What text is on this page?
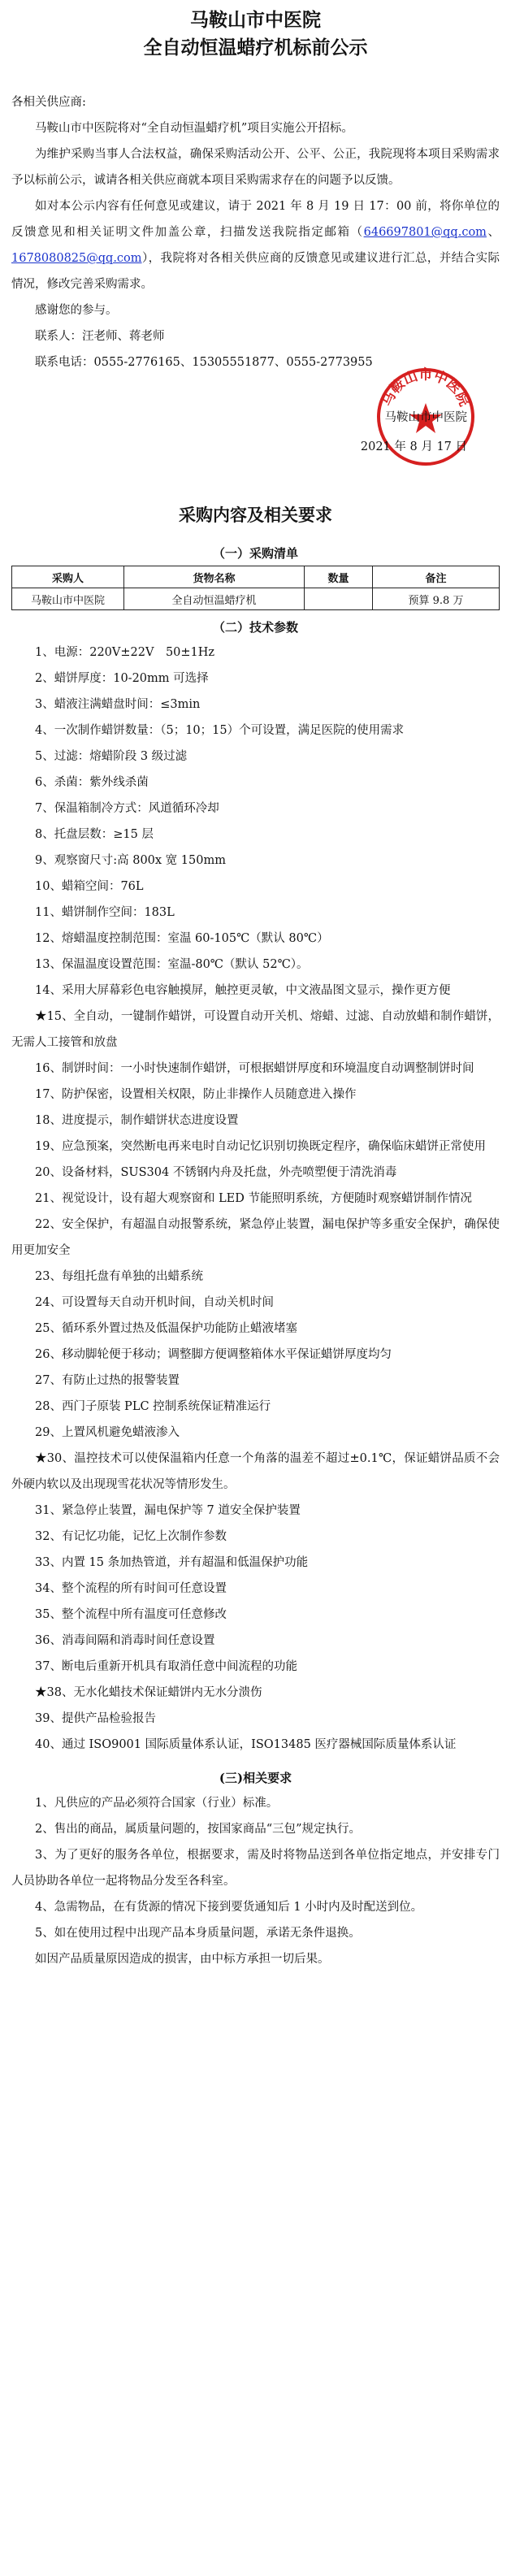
马鞍山市中医院
全自动恒温蜡疗机标前公示
各相关供应商:
马鞍山市中医院将对“全自动恒温蜡疗机”项目实施公开招标。
为维护采购当事人合法权益，确保采购活动公开、公平、公正，我院现将本项目采购需求予以标前公示，诚请各相关供应商就本项目采购需求存在的问题予以反馈。
如对本公示内容有任何意见或建议，请于 2021 年 8 月 19 日 17：00 前，将你单位的反馈意见和相关证明文件加盖公章，扫描发送我院指定邮箱（646697801@qq.com、1678080825@qq.com），我院将对各相关供应商的反馈意见或建议进行汇总，并结合实际情况，修改完善采购需求。
感谢您的参与。
联系人：汪老师、蒋老师
联系电话：0555-2776165、15305551877、0555-2773955
马鞍山市中医院
马鞍山市中医院
2021 年 8 月 17 日
采购内容及相关要求
（一）采购清单
采购人	货物名称	数量	备注
马鞍山市中医院	全自动恒温蜡疗机		预算 9.8 万
（二）技术参数
1、电源：220V±22V　50±1Hz
2、蜡饼厚度：10-20mm 可选择
3、蜡液注满蜡盘时间：≤3min
4、一次制作蜡饼数量：（5；10；15）个可设置，满足医院的使用需求
5、过滤：熔蜡阶段 3 级过滤
6、杀菌：紫外线杀菌
7、保温箱制冷方式：风道循环冷却
8、托盘层数：≥15 层
9、观察窗尺寸:高 800x 宽 150mm
10、蜡箱空间：76L
11、蜡饼制作空间：183L
12、熔蜡温度控制范围：室温 60-105℃（默认 80℃）
13、保温温度设置范围：室温-80℃（默认 52℃）。
14、采用大屏幕彩色电容触摸屏，触控更灵敏，中文液晶图文显示，操作更方便
★15、全自动，一键制作蜡饼，可设置自动开关机、熔蜡、过滤、自动放蜡和制作蜡饼，无需人工接管和放盘
16、制饼时间：一小时快速制作蜡饼，可根据蜡饼厚度和环境温度自动调整制饼时间
17、防护保密，设置相关权限，防止非操作人员随意进入操作
18、进度提示，制作蜡饼状态进度设置
19、应急预案，突然断电再来电时自动记忆识别切换既定程序，确保临床蜡饼正常使用
20、设备材料，SUS304 不锈钢内舟及托盘，外壳喷塑便于清洗消毒
21、视觉设计，设有超大观察窗和 LED 节能照明系统，方便随时观察蜡饼制作情况
22、安全保护，有超温自动报警系统，紧急停止装置，漏电保护等多重安全保护，确保使用更加安全
23、每组托盘有单独的出蜡系统
24、可设置每天自动开机时间，自动关机时间
25、循环系外置过热及低温保护功能防止蜡液堵塞
26、移动脚轮便于移动；调整脚方便调整箱体水平保证蜡饼厚度均匀
27、有防止过热的报警装置
28、西门子原装 PLC 控制系统保证精准运行
29、上置风机避免蜡液渗入
★30、温控技术可以使保温箱内任意一个角落的温差不超过±0.1℃，保证蜡饼品质不会外硬内软以及出现现雪花状况等情形发生。
31、紧急停止装置，漏电保护等 7 道安全保护装置
32、有记忆功能，记忆上次制作参数
33、内置 15 条加热管道，并有超温和低温保护功能
34、整个流程的所有时间可任意设置
35、整个流程中所有温度可任意修改
36、消毒间隔和消毒时间任意设置
37、断电后重新开机具有取消任意中间流程的功能
★38、无水化蜡技术保证蜡饼内无水分溃伤
39、提供产品检验报告
40、通过 ISO9001 国际质量体系认证，ISO13485 医疗器械国际质量体系认证
(三)相关要求
1、凡供应的产品必须符合国家（行业）标准。
2、售出的商品，属质量问题的，按国家商品“三包”规定执行。
3、为了更好的服务各单位，根据要求，需及时将物品送到各单位指定地点，并安排专门人员协助各单位一起将物品分发至各科室。
4、急需物品，在有货源的情况下接到要货通知后 1 小时内及时配送到位。
5、如在使用过程中出现产品本身质量问题，承诺无条件退换。
如因产品质量原因造成的损害，由中标方承担一切后果。
